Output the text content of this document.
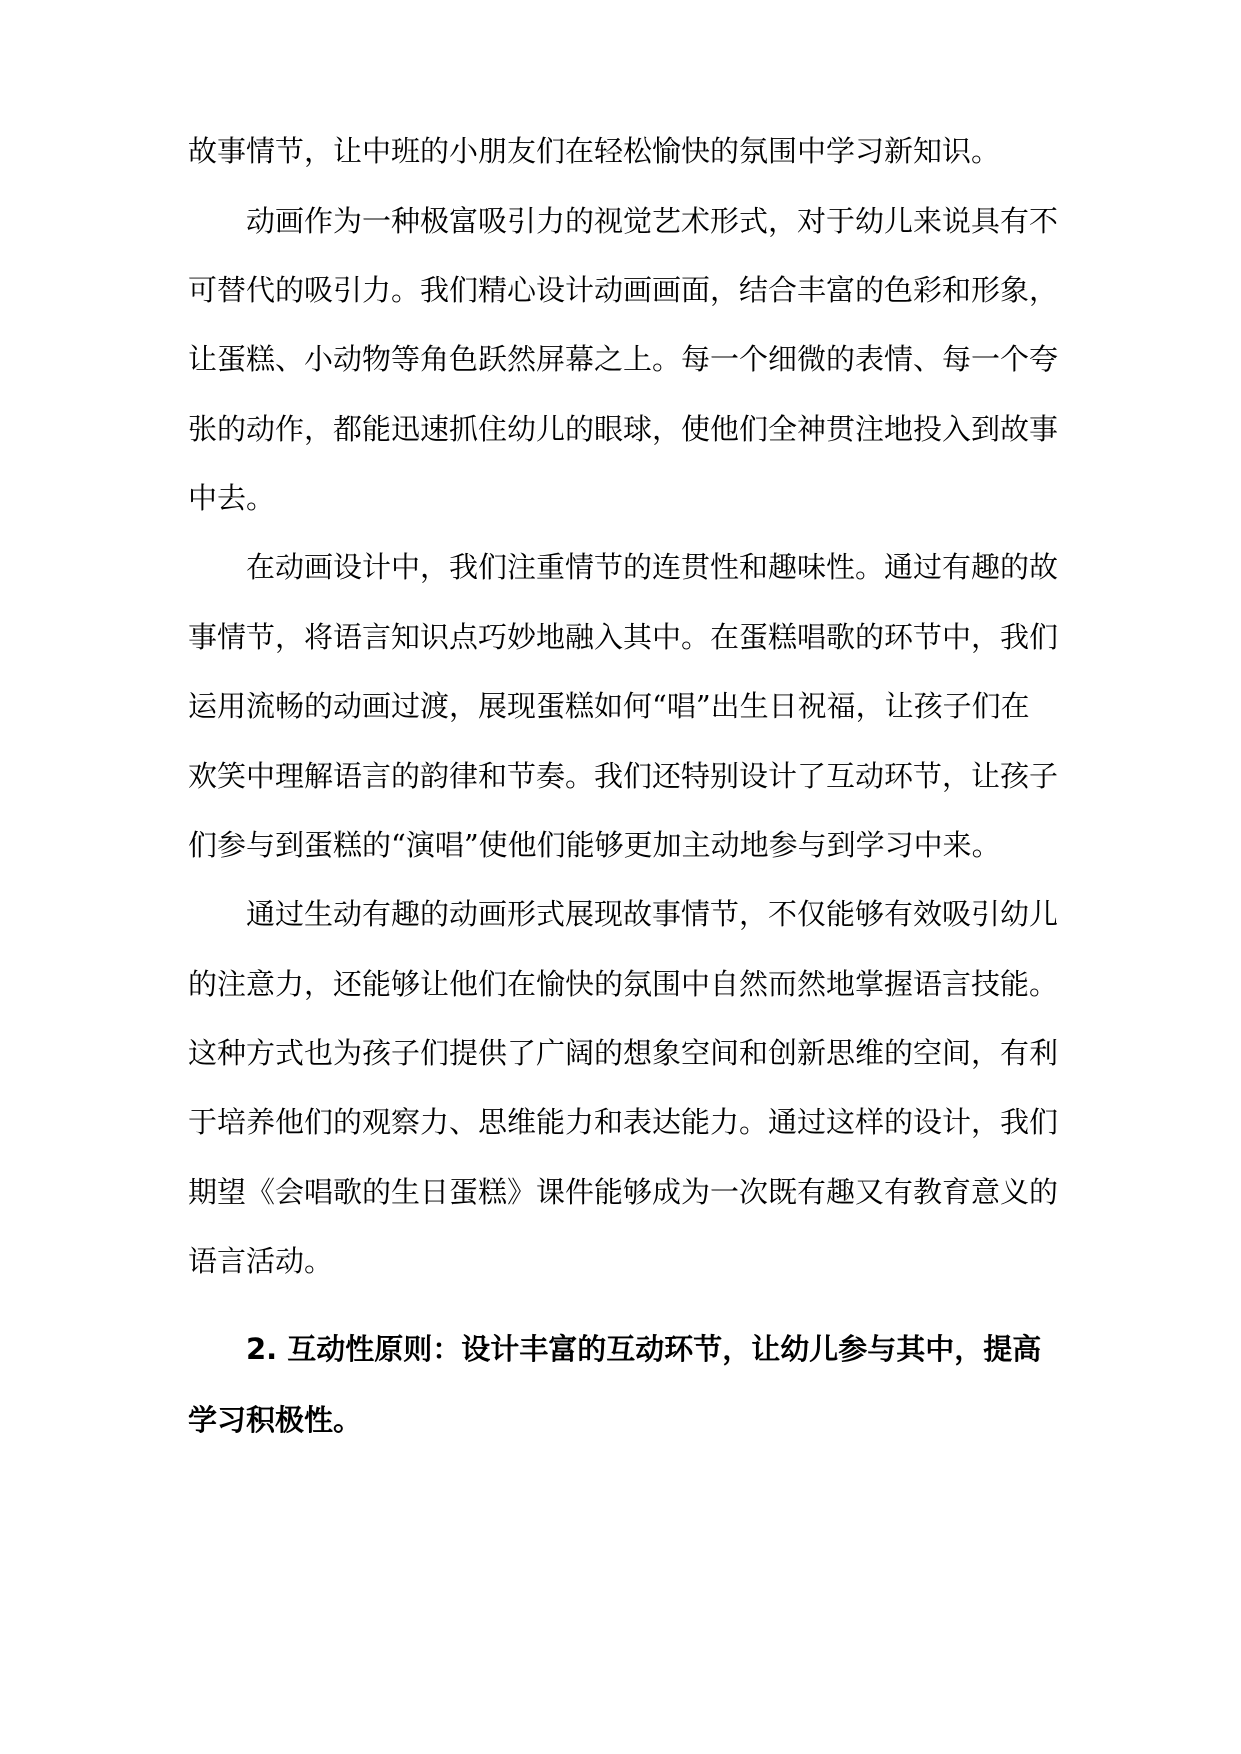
故事情节，让中班的小朋友们在轻松愉快的氛围中学习新知识。
动画作为一种极富吸引力的视觉艺术形式，对于幼儿来说具有不
可替代的吸引力。我们精心设计动画画面，结合丰富的色彩和形象，
让蛋糕、小动物等角色跃然屏幕之上。每一个细微的表情、每一个夸
张的动作，都能迅速抓住幼儿的眼球，使他们全神贯注地投入到故事
中去。
在动画设计中，我们注重情节的连贯性和趣味性。通过有趣的故
事情节，将语言知识点巧妙地融入其中。在蛋糕唱歌的环节中，我们
运用流畅的动画过渡，展现蛋糕如何“唱”出生日祝福，让孩子们在
欢笑中理解语言的韵律和节奏。我们还特别设计了互动环节，让孩子
们参与到蛋糕的“演唱”使他们能够更加主动地参与到学习中来。
通过生动有趣的动画形式展现故事情节，不仅能够有效吸引幼儿
的注意力，还能够让他们在愉快的氛围中自然而然地掌握语言技能。
这种方式也为孩子们提供了广阔的想象空间和创新思维的空间，有利
于培养他们的观察力、思维能力和表达能力。通过这样的设计，我们
期望《会唱歌的生日蛋糕》课件能够成为一次既有趣又有教育意义的
语言活动。
2. 互动性原则：设计丰富的互动环节，让幼儿参与其中，提高
学习积极性。
